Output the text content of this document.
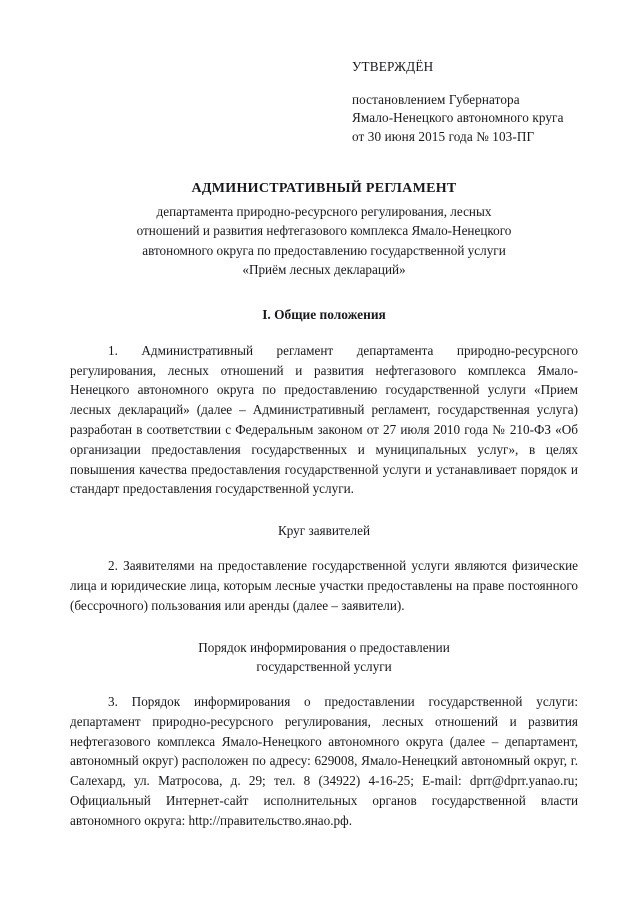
УТВЕРЖДЁН
постановлением Губернатора
Ямало-Ненецкого автономного круга
от 30 июня 2015 года № 103-ПГ
АДМИНИСТРАТИВНЫЙ РЕГЛАМЕНТ
департамента природно-ресурсного регулирования, лесных
отношений и развития нефтегазового комплекса Ямало-Ненецкого
автономного округа по предоставлению государственной услуги
«Приём лесных деклараций»
I. Общие положения

1. Административный регламент департамента природно-ресурсного регулирования, лесных отношений и развития нефтегазового комплекса Ямало-Ненецкого автономного округа по предоставлению государственной услуги «Прием лесных деклараций» (далее – Административный регламент, государственная услуга) разработан в соответствии с Федеральным законом от 27 июля 2010 года № 210-ФЗ «Об организации предоставления государственных и муниципальных услуг», в целях повышения качества предоставления государственной услуги и устанавливает порядок и стандарт предоставления государственной услуги.

Круг заявителей

2. Заявителями на предоставление государственной услуги являются физические лица и юридические лица, которым лесные участки предоставлены на праве постоянного (бессрочного) пользования или аренды (далее – заявители).

Порядок информирования о предоставлении
государственной услуги

3. Порядок информирования о предоставлении государственной услуги: департамент природно-ресурсного регулирования, лесных отношений и развития нефтегазового комплекса Ямало-Ненецкого автономного округа (далее – департамент, автономный округ) расположен по адресу: 629008, Ямало-Ненецкий автономный округ, г. Салехард, ул. Матросова, д. 29; тел. 8 (34922) 4-16-25; E-mail: dprr@dprr.yanao.ru; Официальный Интернет-сайт исполнительных органов государственной власти автономного округа: http://правительство.янао.рф.
